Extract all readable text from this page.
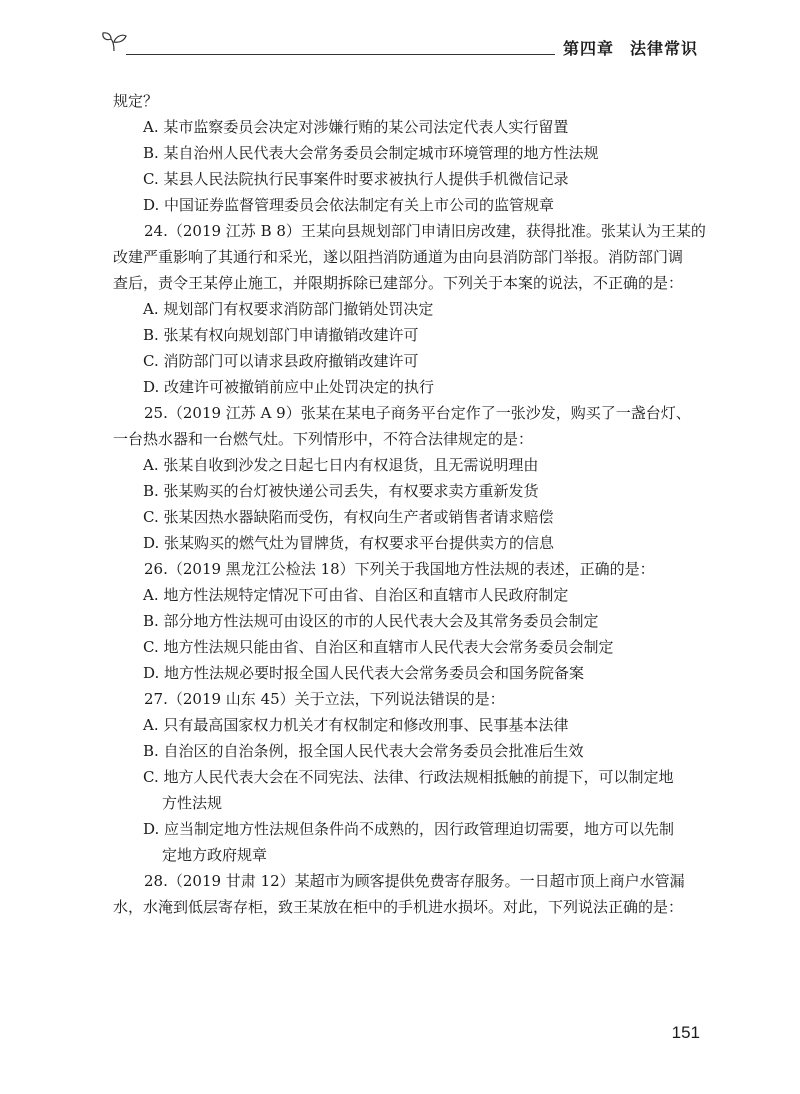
第四章 法律常识
规定？
A. 某市监察委员会决定对涉嫌行贿的某公司法定代表人实行留置
B. 某自治州人民代表大会常务委员会制定城市环境管理的地方性法规
C. 某县人民法院执行民事案件时要求被执行人提供手机微信记录
D. 中国证券监督管理委员会依法制定有关上市公司的监管规章
24.（2019 江苏 B 8）王某向县规划部门申请旧房改建，获得批准。张某认为王某的
改建严重影响了其通行和采光，遂以阻挡消防通道为由向县消防部门举报。消防部门调
查后，责令王某停止施工，并限期拆除已建部分。下列关于本案的说法，不正确的是：
A. 规划部门有权要求消防部门撤销处罚决定
B. 张某有权向规划部门申请撤销改建许可
C. 消防部门可以请求县政府撤销改建许可
D. 改建许可被撤销前应中止处罚决定的执行
25.（2019 江苏 A 9）张某在某电子商务平台定作了一张沙发，购买了一盏台灯、
一台热水器和一台燃气灶。下列情形中，不符合法律规定的是：
A. 张某自收到沙发之日起七日内有权退货，且无需说明理由
B. 张某购买的台灯被快递公司丢失，有权要求卖方重新发货
C. 张某因热水器缺陷而受伤，有权向生产者或销售者请求赔偿
D. 张某购买的燃气灶为冒牌货，有权要求平台提供卖方的信息
26.（2019 黑龙江公检法 18）下列关于我国地方性法规的表述，正确的是：
A. 地方性法规特定情况下可由省、自治区和直辖市人民政府制定
B. 部分地方性法规可由设区的市的人民代表大会及其常务委员会制定
C. 地方性法规只能由省、自治区和直辖市人民代表大会常务委员会制定
D. 地方性法规必要时报全国人民代表大会常务委员会和国务院备案
27.（2019 山东 45）关于立法，下列说法错误的是：
A. 只有最高国家权力机关才有权制定和修改刑事、民事基本法律
B. 自治区的自治条例，报全国人民代表大会常务委员会批准后生效
C. 地方人民代表大会在不同宪法、法律、行政法规相抵触的前提下，可以制定地
方性法规
D. 应当制定地方性法规但条件尚不成熟的，因行政管理迫切需要，地方可以先制
定地方政府规章
28.（2019 甘肃 12）某超市为顾客提供免费寄存服务。一日超市顶上商户水管漏
水，水淹到低层寄存柜，致王某放在柜中的手机进水损坏。对此，下列说法正确的是：
151
